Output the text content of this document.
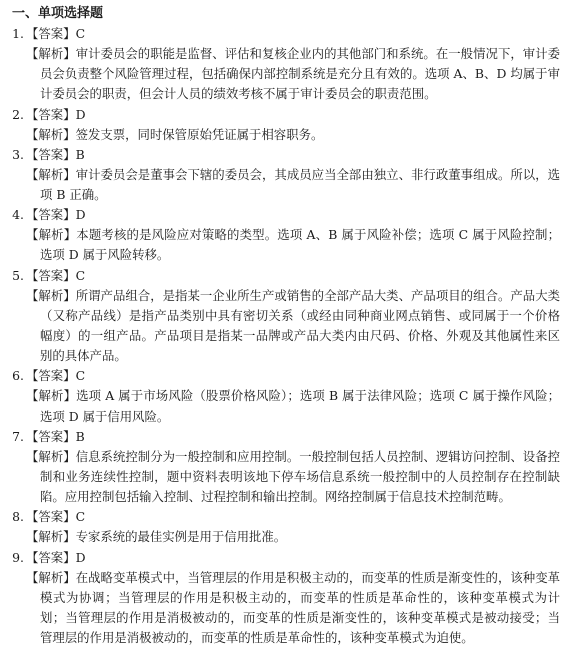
一、单项选择题
1. 【答案】C
【解析】审计委员会的职能是监督、评估和复核企业内的其他部门和系统。在一般情况下，审计委员会负责整个风险管理过程，包括确保内部控制系统是充分且有效的。选项 A、B、D 均属于审计委员会的职责，但会计人员的绩效考核不属于审计委员会的职责范围。
2. 【答案】D
【解析】签发支票，同时保管原始凭证属于相容职务。
3. 【答案】B
【解析】审计委员会是董事会下辖的委员会，其成员应当全部由独立、非行政董事组成。所以，选项 B 正确。
4. 【答案】D
【解析】本题考核的是风险应对策略的类型。选项 A、B 属于风险补偿；选项 C 属于风险控制；选项 D 属于风险转移。
5. 【答案】C
【解析】所谓产品组合，是指某一企业所生产或销售的全部产品大类、产品项目的组合。产品大类（又称产品线）是指产品类别中具有密切关系（或经由同种商业网点销售、或同属于一个价格幅度）的一组产品。产品项目是指某一品牌或产品大类内由尺码、价格、外观及其他属性来区别的具体产品。
6. 【答案】C
【解析】选项 A 属于市场风险（股票价格风险）；选项 B 属于法律风险；选项 C 属于操作风险；选项 D 属于信用风险。
7. 【答案】B
【解析】信息系统控制分为一般控制和应用控制。一般控制包括人员控制、逻辑访问控制、设备控制和业务连续性控制，题中资料表明该地下停车场信息系统一般控制中的人员控制存在控制缺陷。应用控制包括输入控制、过程控制和输出控制。网络控制属于信息技术控制范畴。
8. 【答案】C
【解析】专家系统的最佳实例是用于信用批准。
9. 【答案】D
【解析】在战略变革模式中，当管理层的作用是积极主动的，而变革的性质是渐变性的，该种变革模式为协调；当管理层的作用是积极主动的，而变革的性质是革命性的，该种变革模式为计划；当管理层的作用是消极被动的，而变革的性质是渐变性的，该种变革模式是被动接受；当管理层的作用是消极被动的，而变革的性质是革命性的，该种变革模式为迫使。
